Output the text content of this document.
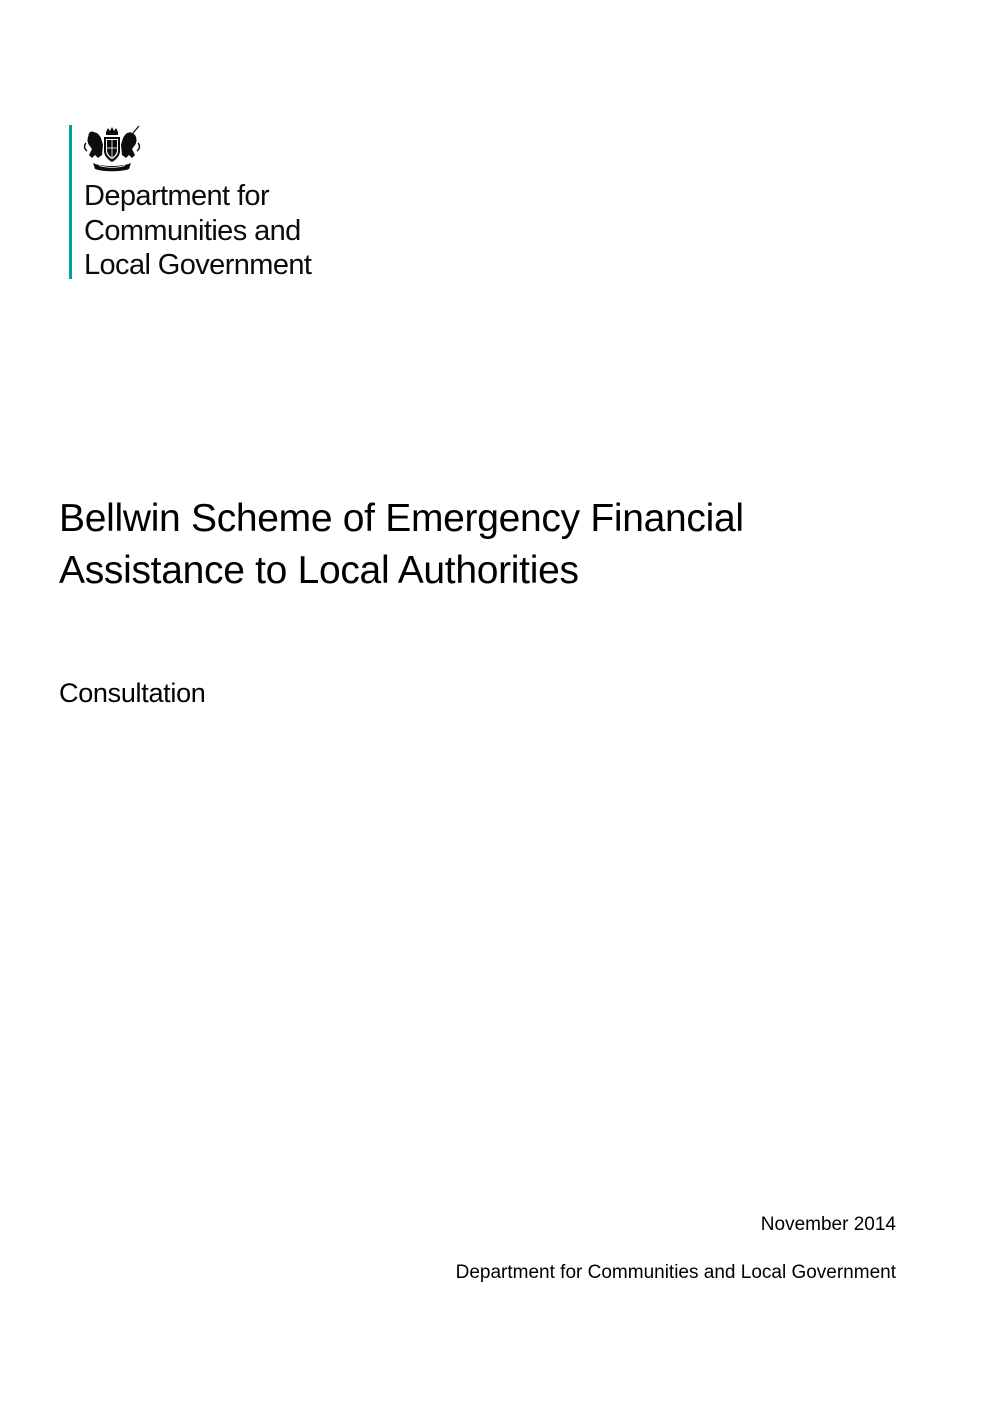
Department for
Communities and
Local Government
Bellwin Scheme of Emergency Financial
Assistance to Local Authorities
Consultation
November 2014
Department for Communities and Local Government
